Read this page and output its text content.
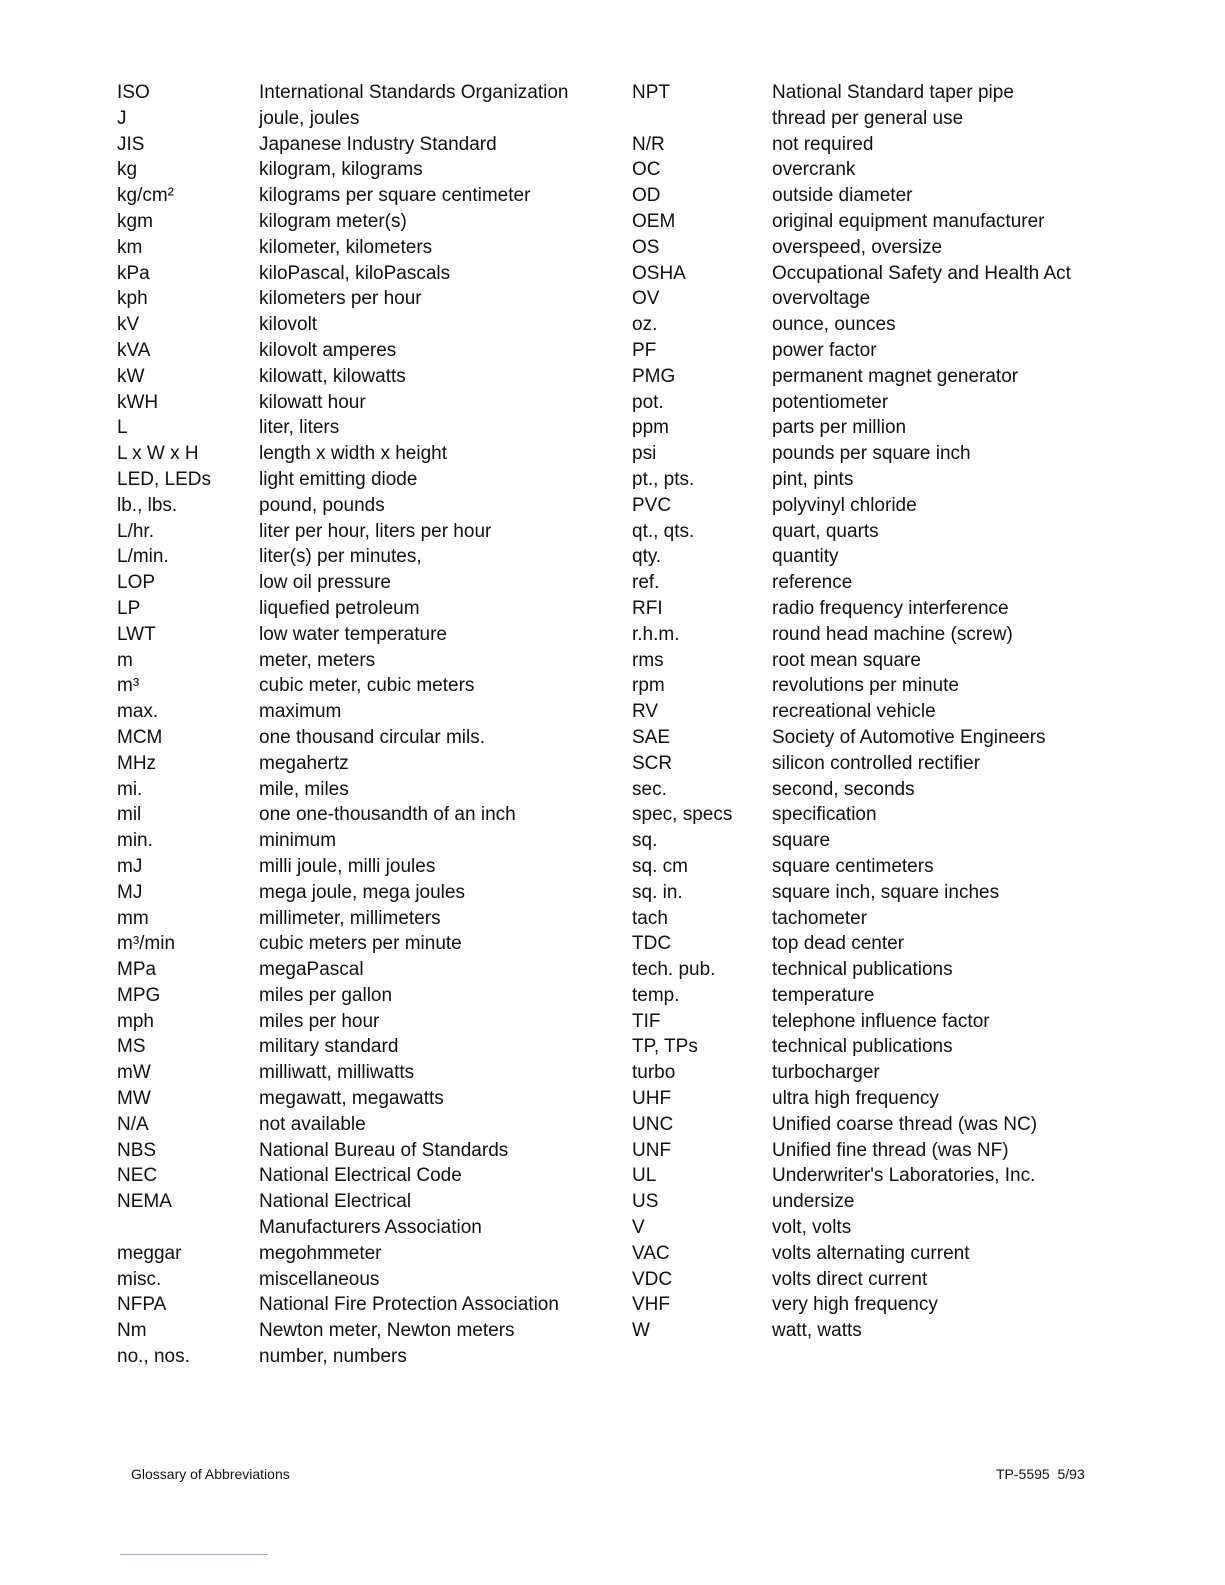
ISO	International Standards Organization
J	joule, joules
JIS	Japanese Industry Standard
kg	kilogram, kilograms
kg/cm²	kilograms per square centimeter
kgm	kilogram meter(s)
km	kilometer, kilometers
kPa	kiloPascal, kiloPascals
kph	kilometers per hour
kV	kilovolt
kVA	kilovolt amperes
kW	kilowatt, kilowatts
kWH	kilowatt hour
L	liter, liters
L x W x H	length x width x height
LED, LEDs	light emitting diode
lb., lbs.	pound, pounds
L/hr.	liter per hour, liters per hour
L/min.	liter(s) per minutes,
LOP	low oil pressure
LP	liquefied petroleum
LWT	low water temperature
m	meter, meters
m³	cubic meter, cubic meters
max.	maximum
MCM	one thousand circular mils.
MHz	megahertz
mi.	mile, miles
mil	one one-thousandth of an inch
min.	minimum
mJ	milli joule, milli joules
MJ	mega joule, mega joules
mm	millimeter, millimeters
m³/min	cubic meters per minute
MPa	megaPascal
MPG	miles per gallon
mph	miles per hour
MS	military standard
mW	milliwatt, milliwatts
MW	megawatt, megawatts
N/A	not available
NBS	National Bureau of Standards
NEC	National Electrical Code
NEMA	National Electrical Manufacturers Association
meggar	megohmmeter
misc.	miscellaneous
NFPA	National Fire Protection Association
Nm	Newton meter, Newton meters
no., nos.	number, numbers
NPT	National Standard taper pipe thread per general use
N/R	not required
OC	overcrank
OD	outside diameter
OEM	original equipment manufacturer
OS	overspeed, oversize
OSHA	Occupational Safety and Health Act
OV	overvoltage
oz.	ounce, ounces
PF	power factor
PMG	permanent magnet generator
pot.	potentiometer
ppm	parts per million
psi	pounds per square inch
pt., pts.	pint, pints
PVC	polyvinyl chloride
qt., qts.	quart, quarts
qty.	quantity
ref.	reference
RFI	radio frequency interference
r.h.m.	round head machine (screw)
rms	root mean square
rpm	revolutions per minute
RV	recreational vehicle
SAE	Society of Automotive Engineers
SCR	silicon controlled rectifier
sec.	second, seconds
spec, specs	specification
sq.	square
sq. cm	square centimeters
sq. in.	square inch, square inches
tach	tachometer
TDC	top dead center
tech. pub.	technical publications
temp.	temperature
TIF	telephone influence factor
TP, TPs	technical publications
turbo	turbocharger
UHF	ultra high frequency
UNC	Unified coarse thread (was NC)
UNF	Unified fine thread (was NF)
UL	Underwriter's Laboratories, Inc.
US	undersize
V	volt, volts
VAC	volts alternating current
VDC	volts direct current
VHF	very high frequency
W	watt, watts
Glossary of Abbreviations	TP-5595  5/93
